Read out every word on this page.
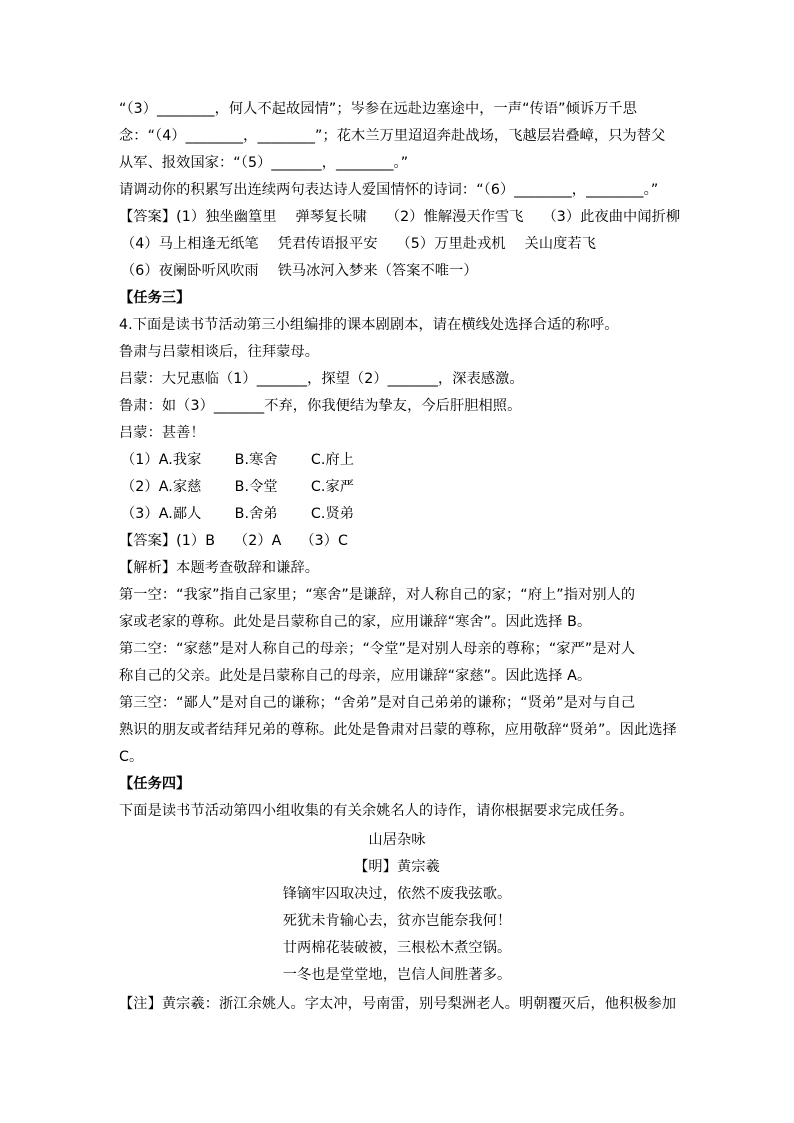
“（3）________，何人不起故园情”；岑参在远赴边塞途中，一声“传语”倾诉万千思
念：“（4）________，________”；花木兰万里迢迢奔赴战场，飞越层岩叠嶂，只为替父
从军、报效国家：“（5）_______，________。”
请调动你的积累写出连续两句表达诗人爱国情怀的诗词：“（6）________，________。”
【答案】(1）独坐幽篁里　 弹琴复长啸　 （2）惟解漫天作雪飞　 （3）此夜曲中闻折柳
（4）马上相逢无纸笔　 凭君传语报平安　 （5）万里赴戎机　 关山度若飞
（6）夜阑卧听风吹雨　 铁马冰河入梦来（答案不唯一）
【任务三】
4.下面是读书节活动第三小组编排的课本剧剧本，请在横线处选择合适的称呼。
鲁肃与吕蒙相谈后，往拜蒙母。
吕蒙：大兄惠临（1）_______，探望（2）_______，深表感激。
鲁肃：如（3）_______不弃，你我便结为挚友，今后肝胆相照。
吕蒙：甚善！
（1）A.我家　 　B.寒舍　 　C.府上
（2）A.家慈　 　B.令堂　 　C.家严
（3）A.鄙人　 　B.舍弟　 　C.贤弟
【答案】(1）B　 （2）A　 （3）C
【解析】本题考查敬辞和谦辞。
第一空：“我家”指自己家里；“寒舍”是谦辞，对人称自己的家；“府上”指对别人的
家或老家的尊称。此处是吕蒙称自己的家，应用谦辞“寒舍”。因此选择 B。
第二空：“家慈”是对人称自己的母亲；“令堂”是对别人母亲的尊称；“家严”是对人
称自己的父亲。此处是吕蒙称自己的母亲，应用谦辞“家慈”。因此选择 A。
第三空：“鄙人”是对自己的谦称；“舍弟”是对自己弟弟的谦称；“贤弟”是对与自己
熟识的朋友或者结拜兄弟的尊称。此处是鲁肃对吕蒙的尊称，应用敬辞“贤弟”。因此选择
C。
【任务四】
下面是读书节活动第四小组收集的有关余姚名人的诗作，请你根据要求完成任务。
山居杂咏
【明】黄宗羲
锋镝牢囚取决过，依然不废我弦歌。
死犹未肯输心去，贫亦岂能奈我何！
廿两棉花装破被，三根松木煮空锅。
一冬也是堂堂地，岂信人间胜著多。
【注】黄宗羲：浙江余姚人。字太冲，号南雷，别号梨洲老人。明朝覆灭后，他积极参加
